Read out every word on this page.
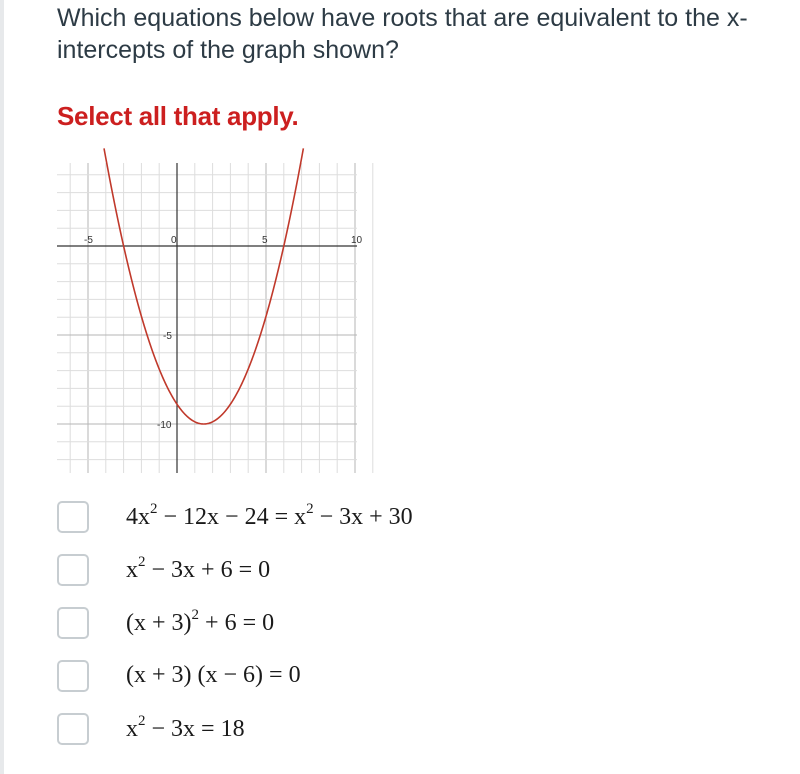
Which equations below have roots that are equivalent to the x-intercepts of the graph shown?

Select all that apply.

-5	0	5	10
-5
-10
$4x^2 - 12x - 24 = x^2 - 3x + 30$
$x^2 - 3x + 6 = 0$
$(x + 3)^2 + 6 = 0$
(x + 3) (x − 6) = 0
$x^2 - 3x = 18$
